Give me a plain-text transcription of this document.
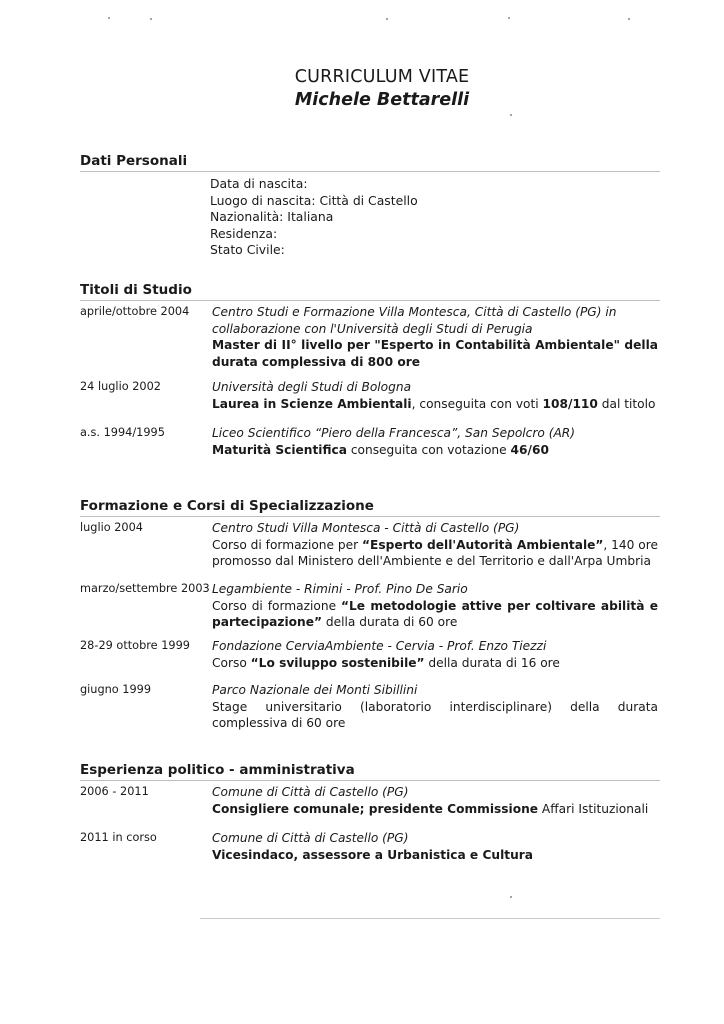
CURRICULUM VITAE
Michele Bettarelli
Dati Personali
Data di nascita:
Luogo di nascita: Città di Castello
Nazionalità: Italiana
Residenza:
Stato Civile:
Titoli di Studio
aprile/ottobre 2004 Centro Studi e Formazione Villa Montesca, Città di Castello (PG) in collaborazione con l'Università degli Studi di Perugia
Master di II° livello per "Esperto in Contabilità Ambientale" della durata complessiva di 800 ore
24 luglio 2002	Università degli Studi di Bologna
Laurea in Scienze Ambientali, conseguita con voti 108/110 dal titolo
a.s. 1994/1995	Liceo Scientifico “Piero della Francesca”, San Sepolcro (AR)
Maturità Scientifica conseguita con votazione 46/60
Formazione e Corsi di Specializzazione
luglio 2004	Centro Studi Villa Montesca - Città di Castello (PG)
Corso di formazione per “Esperto dell'Autorità Ambientale”, 140 ore promosso dal Ministero dell'Ambiente e del Territorio e dall'Arpa Umbria
marzo/settembre 2003 Legambiente - Rimini - Prof. Pino De Sario
Corso di formazione “Le metodologie attive per coltivare abilità e partecipazione” della durata di 60 ore
28-29 ottobre 1999 Fondazione CerviaAmbiente - Cervia - Prof. Enzo Tiezzi
Corso “Lo sviluppo sostenibile” della durata di 16 ore
giugno 1999	Parco Nazionale dei Monti Sibillini
Stage universitario (laboratorio interdisciplinare) della durata complessiva di 60 ore
Esperienza politico - amministrativa
2006 - 2011	Comune di Città di Castello (PG)
Consigliere comunale; presidente Commissione Affari Istituzionali
2011 in corso	Comune di Città di Castello (PG)
Vicesindaco, assessore a Urbanistica e Cultura
